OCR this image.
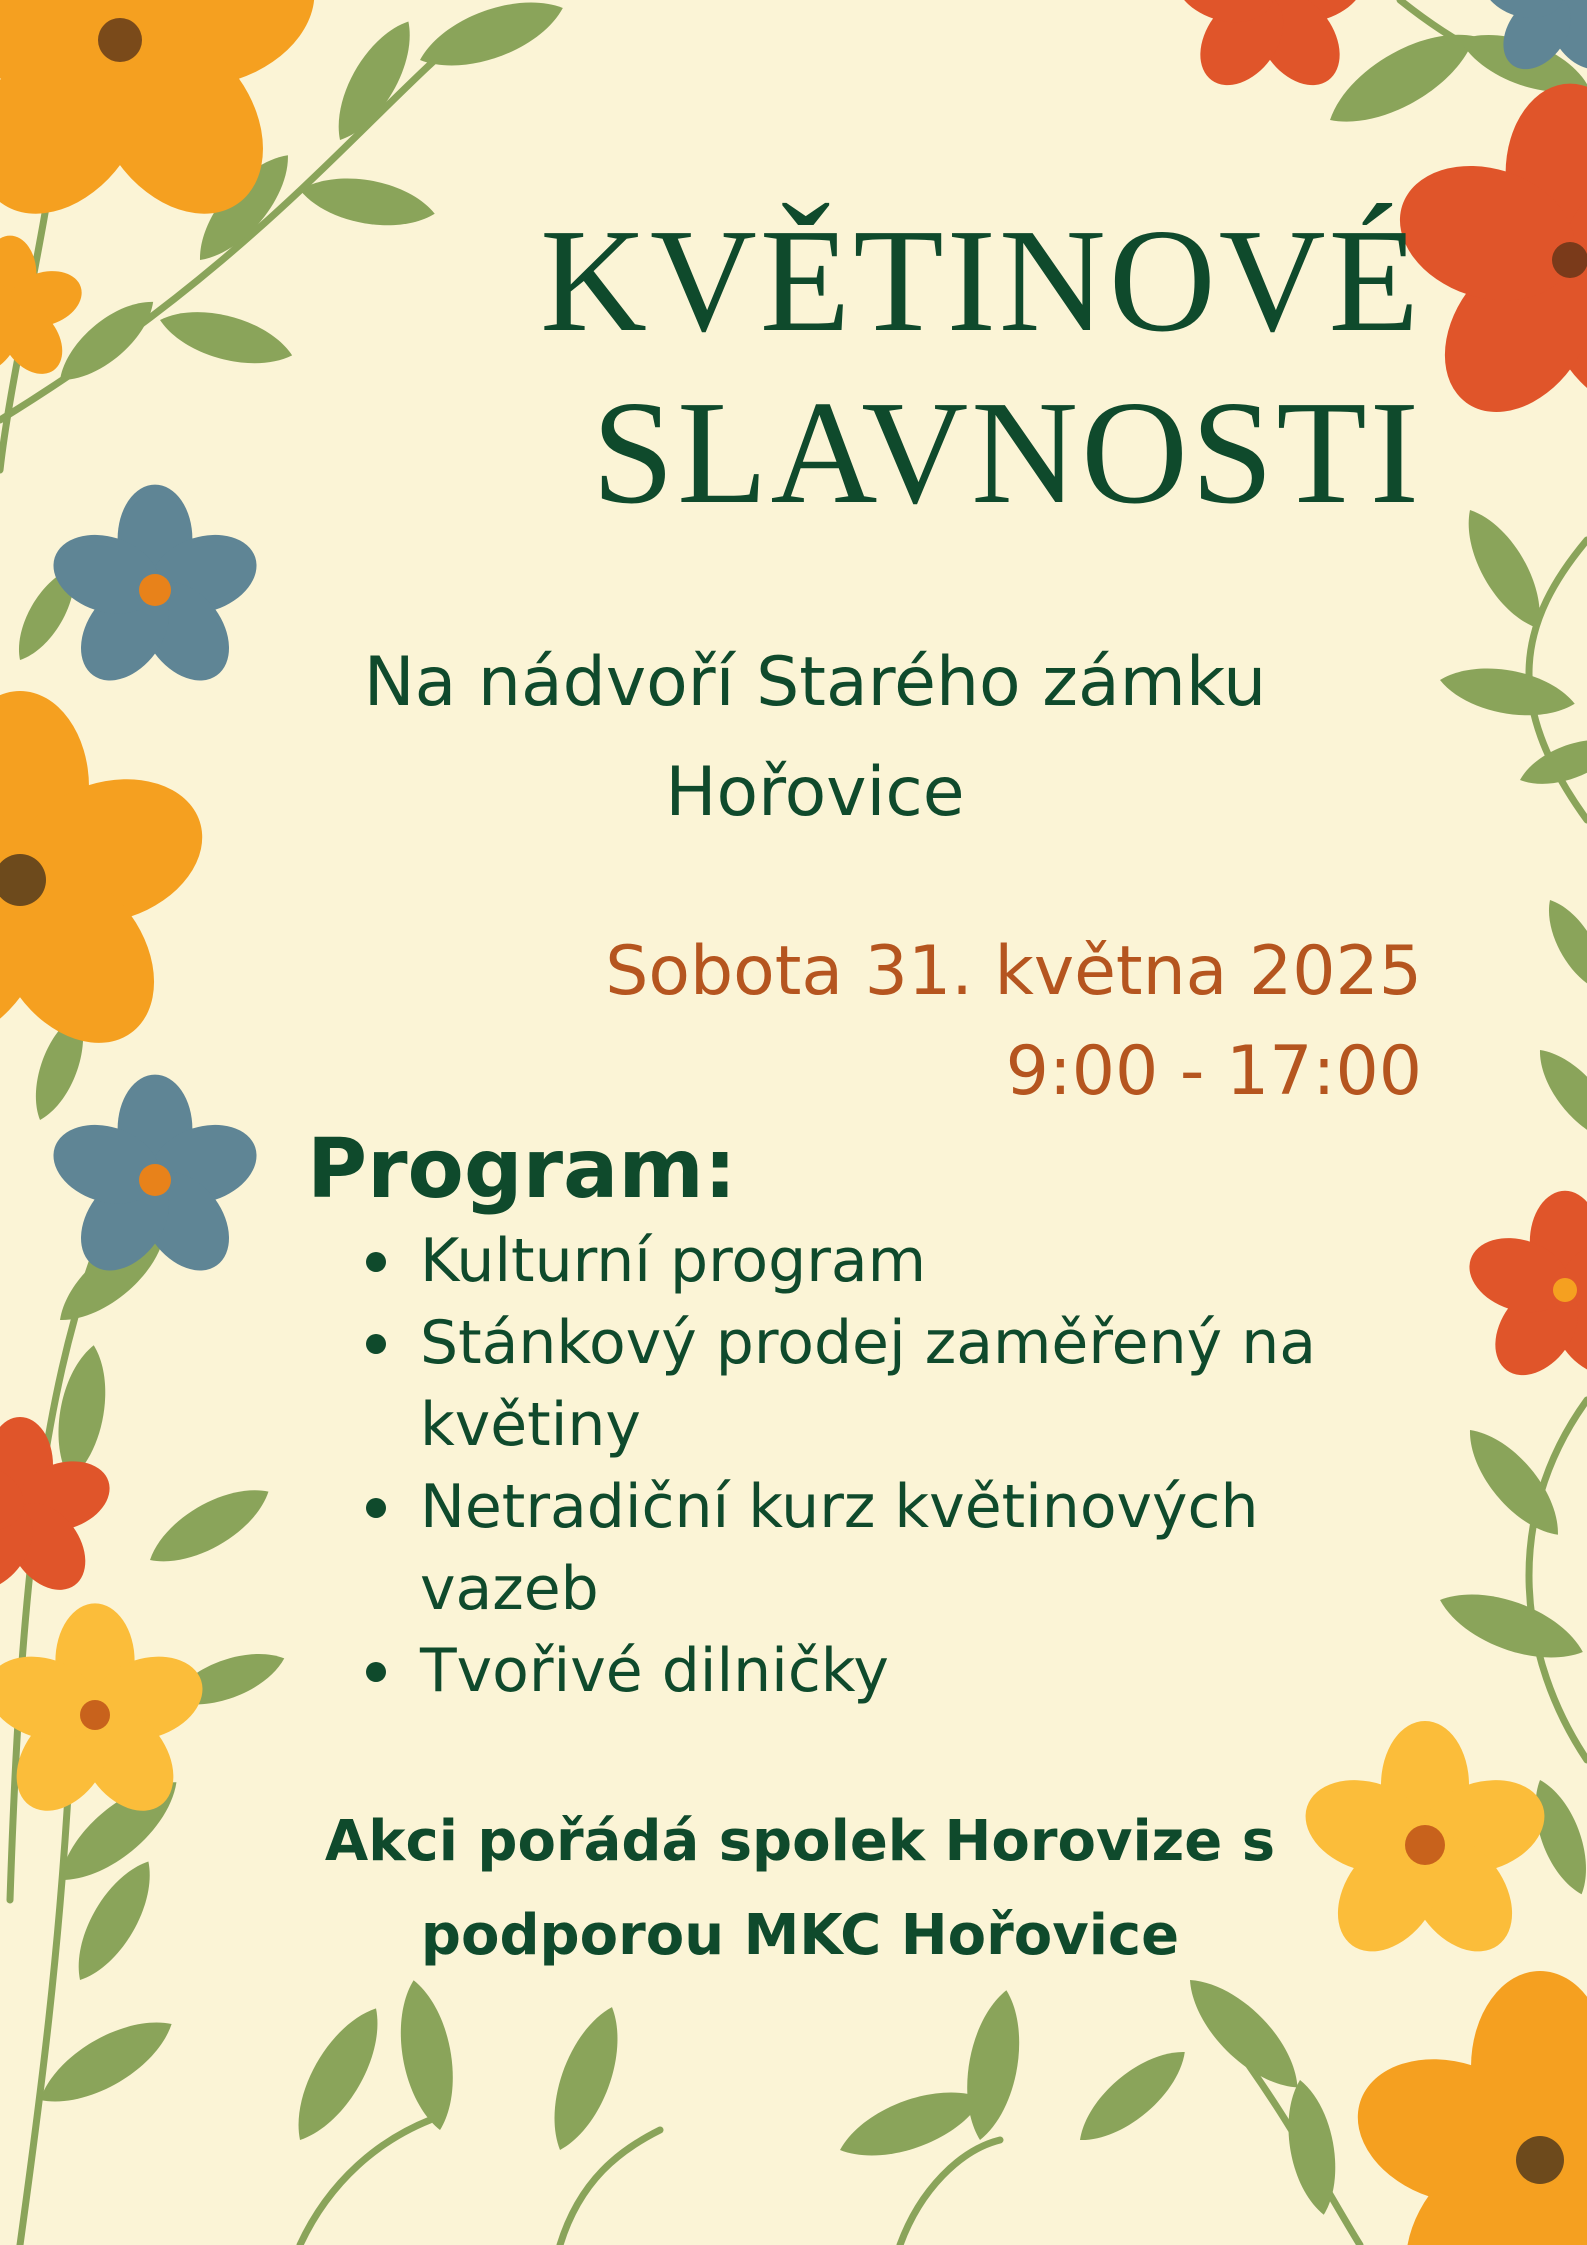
KVĚTINOVÉ
SLAVNOSTI
Na nádvoří Starého zámku
Hořovice
Sobota 31. května 2025
9:00 - 17:00
Program:
Kulturní program
Stánkový prodej zaměřený na květiny
Netradiční kurz květinových vazeb
Tvořivé dilničky
Akci pořádá spolek Horovize s
podporou MKC Hořovice
